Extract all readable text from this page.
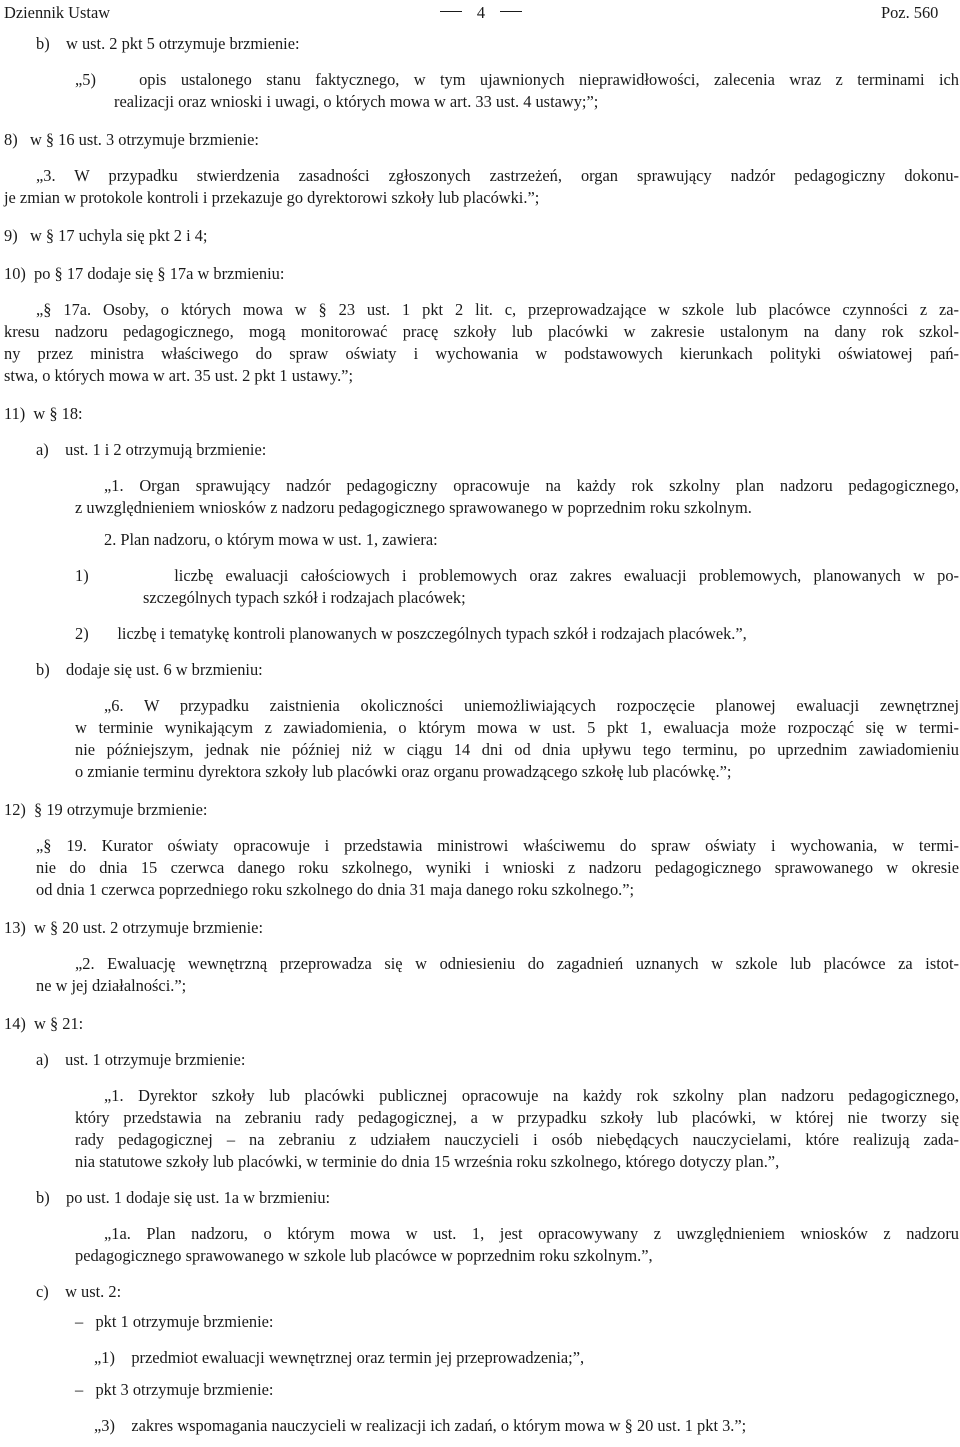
Dziennik Ustaw	4	Poz. 560
b)    w ust. 2 pkt 5 otrzymuje brzmienie:
„5)   opis ustalonego stanu faktycznego, w tym ujawnionych nieprawidłowości, zalecenia wraz z terminami ich
realizacji oraz wnioski i uwagi, o których mowa w art. 33 ust. 4 ustawy;”;
8)   w § 16 ust. 3 otrzymuje brzmienie:
„3. W przypadku stwierdzenia zasadności zgłoszonych zastrzeżeń, organ sprawujący nadzór pedagogiczny dokonu-
je zmian w protokole kontroli i przekazuje go dyrektorowi szkoły lub placówki.”;
9)   w § 17 uchyla się pkt 2 i 4;
10)  po § 17 dodaje się § 17a w brzmieniu:
„§ 17a. Osoby, o których mowa w § 23 ust. 1 pkt 2 lit. c, przeprowadzające w szkole lub placówce czynności z za-
kresu nadzoru pedagogicznego, mogą monitorować pracę szkoły lub placówki w zakresie ustalonym na dany rok szkol-
ny przez ministra właściwego do spraw oświaty i wychowania w podstawowych kierunkach polityki oświatowej pań-
stwa, o których mowa w art. 35 ust. 2 pkt 1 ustawy.”;
11)  w § 18:
a)    ust. 1 i 2 otrzymują brzmienie:
„1. Organ sprawujący nadzór pedagogiczny opracowuje na każdy rok szkolny plan nadzoru pedagogicznego,
z uwzględnieniem wniosków z nadzoru pedagogicznego sprawowanego w poprzednim roku szkolnym.
2. Plan nadzoru, o którym mowa w ust. 1, zawiera:
1)       liczbę ewaluacji całościowych i problemowych oraz zakres ewaluacji problemowych, planowanych w po-
szczególnych typach szkół i rodzajach placówek;
2)       liczbę i tematykę kontroli planowanych w poszczególnych typach szkół i rodzajach placówek.”,
b)    dodaje się ust. 6 w brzmieniu:
„6. W przypadku zaistnienia okoliczności uniemożliwiających rozpoczęcie planowej ewaluacji zewnętrznej
w terminie wynikającym z zawiadomienia, o którym mowa w ust. 5 pkt 1, ewaluacja może rozpocząć się w termi-
nie późniejszym, jednak nie później niż w ciągu 14 dni od dnia upływu tego terminu, po uprzednim zawiadomieniu
o zmianie terminu dyrektora szkoły lub placówki oraz organu prowadzącego szkołę lub placówkę.”;
12)  § 19 otrzymuje brzmienie:
„§ 19. Kurator oświaty opracowuje i przedstawia ministrowi właściwemu do spraw oświaty i wychowania, w termi-
nie do dnia 15 czerwca danego roku szkolnego, wyniki i wnioski z nadzoru pedagogicznego sprawowanego w okresie
od dnia 1 czerwca poprzedniego roku szkolnego do dnia 31 maja danego roku szkolnego.”;
13)  w § 20 ust. 2 otrzymuje brzmienie:
„2. Ewaluację wewnętrzną przeprowadza się w odniesieniu do zagadnień uznanych w szkole lub placówce za istot-
ne w jej działalności.”;
14)  w § 21:
a)    ust. 1 otrzymuje brzmienie:
„1. Dyrektor szkoły lub placówki publicznej opracowuje na każdy rok szkolny plan nadzoru pedagogicznego,
który przedstawia na zebraniu rady pedagogicznej, a w przypadku szkoły lub placówki, w której nie tworzy się
rady pedagogicznej – na zebraniu z udziałem nauczycieli i osób niebędących nauczycielami, które realizują zada-
nia statutowe szkoły lub placówki, w terminie do dnia 15 września roku szkolnego, którego dotyczy plan.”,
b)    po ust. 1 dodaje się ust. 1a w brzmieniu:
„1a. Plan nadzoru, o którym mowa w ust. 1, jest opracowywany z uwzględnieniem wniosków z nadzoru
pedagogicznego sprawowanego w szkole lub placówce w poprzednim roku szkolnym.”,
c)    w ust. 2:
–   pkt 1 otrzymuje brzmienie:
„1)    przedmiot ewaluacji wewnętrznej oraz termin jej przeprowadzenia;”,
–   pkt 3 otrzymuje brzmienie:
„3)    zakres wspomagania nauczycieli w realizacji ich zadań, o którym mowa w § 20 ust. 1 pkt 3.”;
